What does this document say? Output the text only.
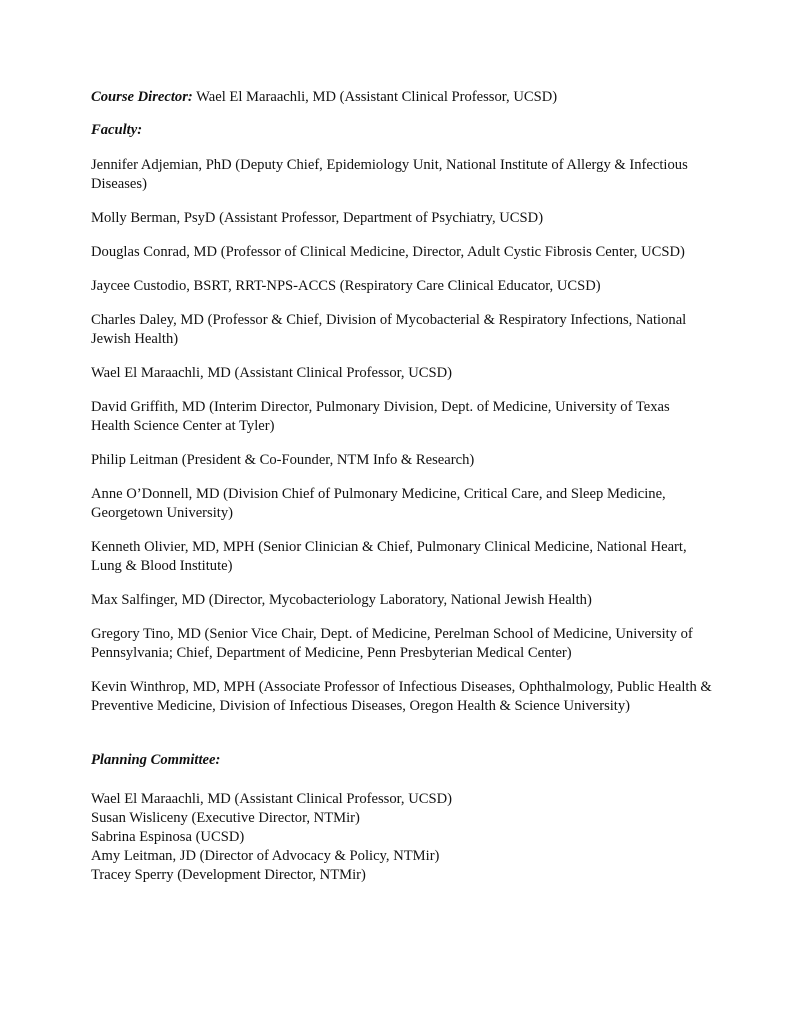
Course Director: Wael El Maraachli, MD (Assistant Clinical Professor, UCSD)

Faculty:

Jennifer Adjemian, PhD (Deputy Chief, Epidemiology Unit, National Institute of Allergy & Infectious Diseases)

Molly Berman, PsyD (Assistant Professor, Department of Psychiatry, UCSD)

Douglas Conrad, MD (Professor of Clinical Medicine, Director, Adult Cystic Fibrosis Center, UCSD)

Jaycee Custodio, BSRT, RRT-NPS-ACCS (Respiratory Care Clinical Educator, UCSD)

Charles Daley, MD (Professor & Chief, Division of Mycobacterial & Respiratory Infections, National Jewish Health)

Wael El Maraachli, MD (Assistant Clinical Professor, UCSD)

David Griffith, MD (Interim Director, Pulmonary Division, Dept. of Medicine, University of Texas Health Science Center at Tyler)

Philip Leitman (President & Co-Founder, NTM Info & Research)

Anne O’Donnell, MD (Division Chief of Pulmonary Medicine, Critical Care, and Sleep Medicine, Georgetown University)

Kenneth Olivier, MD, MPH (Senior Clinician & Chief, Pulmonary Clinical Medicine, National Heart, Lung & Blood Institute)

Max Salfinger, MD (Director, Mycobacteriology Laboratory, National Jewish Health)

Gregory Tino, MD (Senior Vice Chair, Dept. of Medicine, Perelman School of Medicine, University of Pennsylvania; Chief, Department of Medicine, Penn Presbyterian Medical Center)

Kevin Winthrop, MD, MPH (Associate Professor of Infectious Diseases, Ophthalmology, Public Health & Preventive Medicine, Division of Infectious Diseases, Oregon Health & Science University)

Planning Committee:

Wael El Maraachli, MD (Assistant Clinical Professor, UCSD)

Susan Wisliceny (Executive Director, NTMir)

Sabrina Espinosa (UCSD)

Amy Leitman, JD (Director of Advocacy & Policy, NTMir)

Tracey Sperry (Development Director, NTMir)
